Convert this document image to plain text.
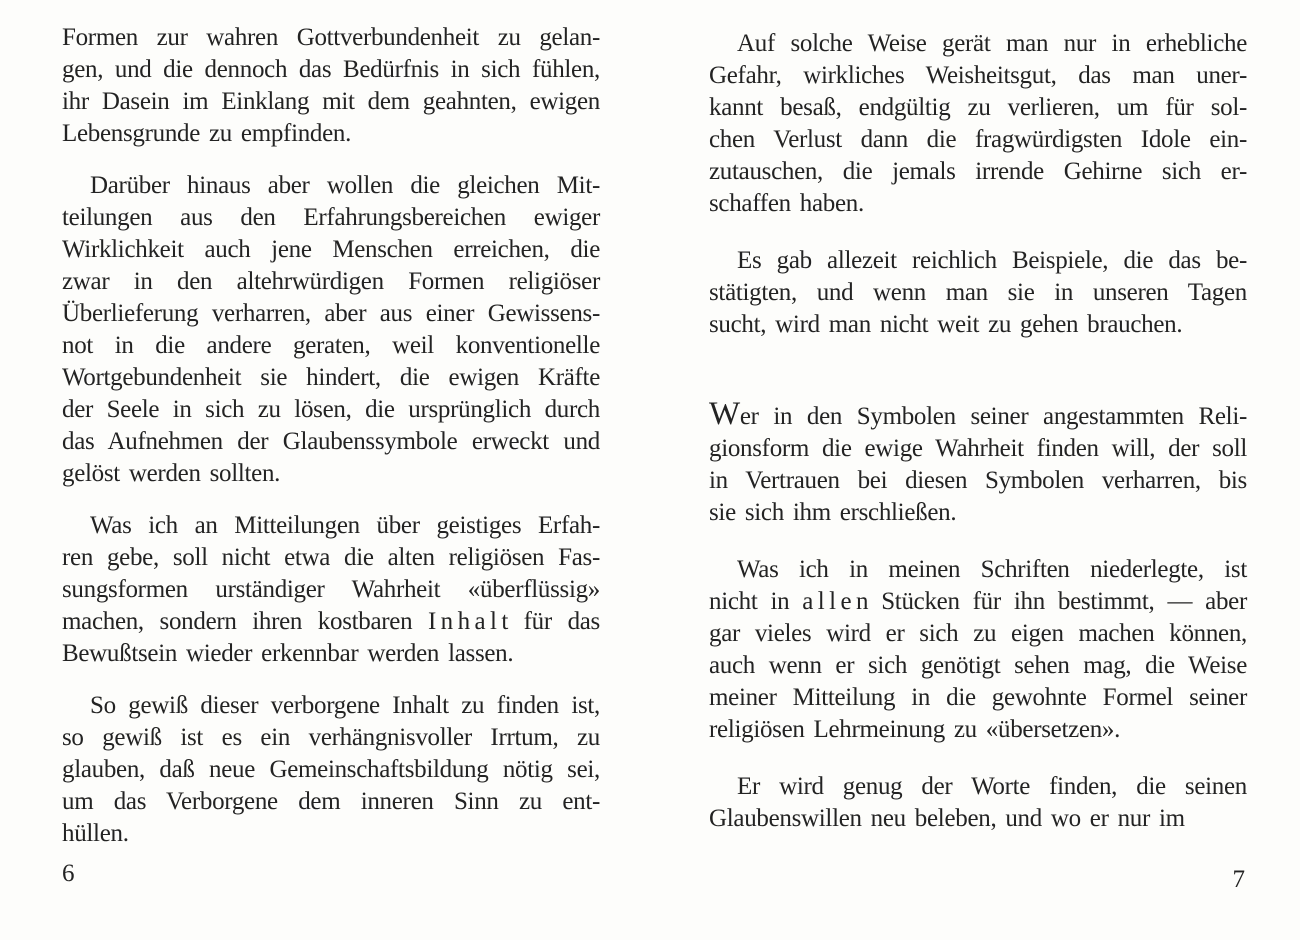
Formen zur wahren Gottverbundenheit zu gelan-
gen, und die dennoch das Bedürfnis in sich fühlen,
ihr Dasein im Einklang mit dem geahnten, ewigen
Lebensgrunde zu empfinden.
Darüber hinaus aber wollen die gleichen Mit-
teilungen aus den Erfahrungsbereichen ewiger
Wirklichkeit auch jene Menschen erreichen, die
zwar in den altehrwürdigen Formen religiöser
Überlieferung verharren, aber aus einer Gewissens-
not in die andere geraten, weil konventionelle
Wortgebundenheit sie hindert, die ewigen Kräfte
der Seele in sich zu lösen, die ursprünglich durch
das Aufnehmen der Glaubenssymbole erweckt und
gelöst werden sollten.
Was ich an Mitteilungen über geistiges Erfah-
ren gebe, soll nicht etwa die alten religiösen Fas-
sungsformen urständiger Wahrheit «überflüssig»
machen, sondern ihren kostbaren I n h a l t für das
Bewußtsein wieder erkennbar werden lassen.
So gewiß dieser verborgene Inhalt zu finden ist,
so gewiß ist es ein verhängnisvoller Irrtum, zu
glauben, daß neue Gemeinschaftsbildung nötig sei,
um das Verborgene dem inneren Sinn zu ent-
hüllen.
6
Auf solche Weise gerät man nur in erhebliche
Gefahr, wirkliches Weisheitsgut, das man uner-
kannt besaß, endgültig zu verlieren, um für sol-
chen Verlust dann die fragwürdigsten Idole ein-
zutauschen, die jemals irrende Gehirne sich er-
schaffen haben.
Es gab allezeit reichlich Beispiele, die das be-
stätigten, und wenn man sie in unseren Tagen
sucht, wird man nicht weit zu gehen brauchen.
Wer in den Symbolen seiner angestammten Reli-
gionsform die ewige Wahrheit finden will, der soll
in Vertrauen bei diesen Symbolen verharren, bis
sie sich ihm erschließen.
Was ich in meinen Schriften niederlegte, ist
nicht in a l l e n Stücken für ihn bestimmt, — aber
gar vieles wird er sich zu eigen machen können,
auch wenn er sich genötigt sehen mag, die Weise
meiner Mitteilung in die gewohnte Formel seiner
religiösen Lehrmeinung zu «übersetzen».
Er wird genug der Worte finden, die seinen
Glaubenswillen neu beleben, und wo er nur im
7
